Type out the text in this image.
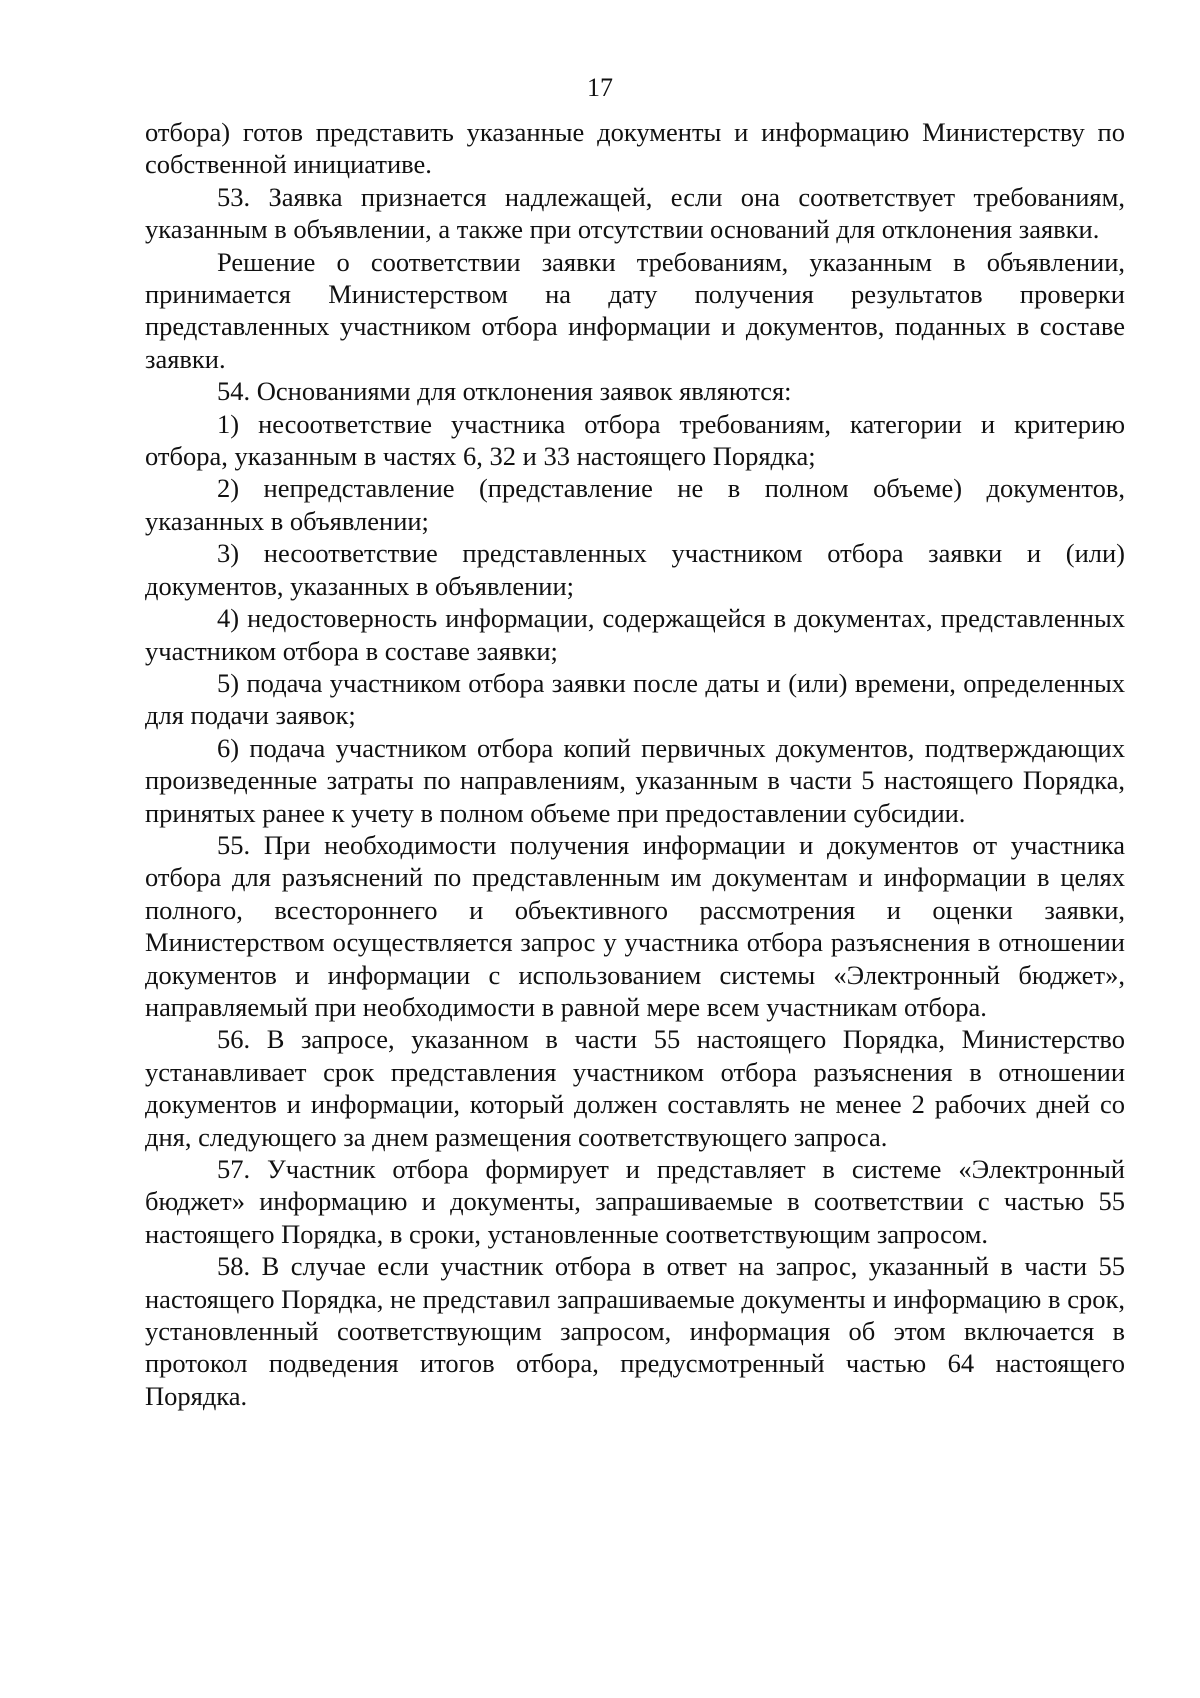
17

отбора) готов представить указанные документы и информацию Министерству по собственной инициативе.

53. Заявка признается надлежащей, если она соответствует требованиям, указанным в объявлении, а также при отсутствии оснований для отклонения заявки.

Решение о соответствии заявки требованиям, указанным в объявлении, принимается Министерством на дату получения результатов проверки представленных участником отбора информации и документов, поданных в составе заявки.

54. Основаниями для отклонения заявок являются:

1) несоответствие участника отбора требованиям, категории и критерию отбора, указанным в частях 6, 32 и 33 настоящего Порядка;

2) непредставление (представление не в полном объеме) документов, указанных в объявлении;

3) несоответствие представленных участником отбора заявки и (или) документов, указанных в объявлении;

4) недостоверность информации, содержащейся в документах, представленных участником отбора в составе заявки;

5) подача участником отбора заявки после даты и (или) времени, определенных для подачи заявок;

6) подача участником отбора копий первичных документов, подтверждающих произведенные затраты по направлениям, указанным в части 5 настоящего Порядка, принятых ранее к учету в полном объеме при предоставлении субсидии.

55. При необходимости получения информации и документов от участника отбора для разъяснений по представленным им документам и информации в целях полного, всестороннего и объективного рассмотрения и оценки заявки, Министерством осуществляется запрос у участника отбора разъяснения в отношении документов и информации с использованием системы «Электронный бюджет», направляемый при необходимости в равной мере всем участникам отбора.

56. В запросе, указанном в части 55 настоящего Порядка, Министерство устанавливает срок представления участником отбора разъяснения в отношении документов и информации, который должен составлять не менее 2 рабочих дней со дня, следующего за днем размещения соответствующего запроса.

57. Участник отбора формирует и представляет в системе «Электронный бюджет» информацию и документы, запрашиваемые в соответствии с частью 55 настоящего Порядка, в сроки, установленные соответствующим запросом.

58. В случае если участник отбора в ответ на запрос, указанный в части 55 настоящего Порядка, не представил запрашиваемые документы и информацию в срок, установленный соответствующим запросом, информация об этом включается в протокол подведения итогов отбора, предусмотренный частью 64 настоящего Порядка.
